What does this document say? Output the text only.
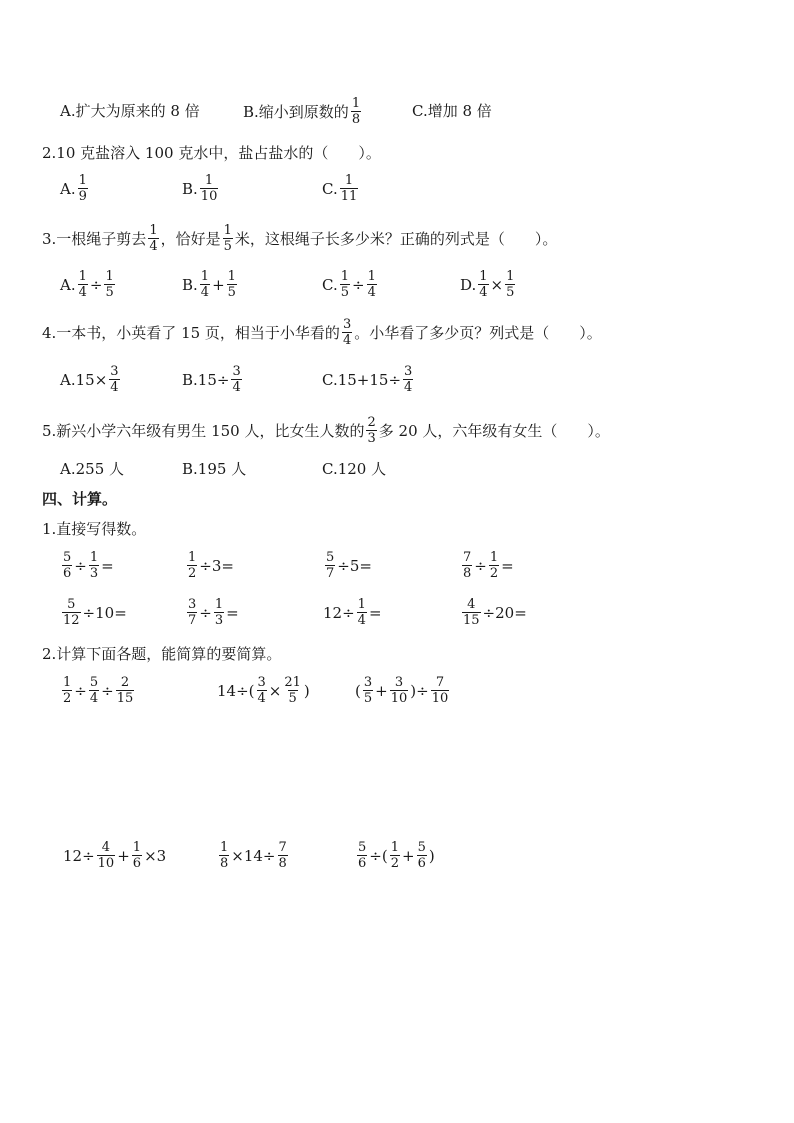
A. 扩大为原来的 8 倍	B. 缩小到原数的 $\frac{1}{8}$	C. 增加 8 倍
2.10 克盐溶入 100 克水中，盐占盐水的（ ）。
A. $\frac{1}{9}$	B. $\frac{1}{10}$	C. $\frac{1}{11}$
3.一根绳子剪去 $\frac{1}{4}$ ，恰好是 $\frac{1}{5}$ 米，这根绳子长多少米？正确的列式是（ ）。
A. $\frac{1}{4} \div \frac{1}{5}$	B. $\frac{1}{4} + \frac{1}{5}$	C. $\frac{1}{5} \div \frac{1}{4}$	D. $\frac{1}{4} \times \frac{1}{5}$
4.一本书，小英看了 15 页，相当于小华看的 $\frac{3}{4}$ 。小华看了多少页？列式是（ ）。
A. $15\times \frac{3}{4}$	B. $15\div \frac{3}{4}$	C. $15+15\div \frac{3}{4}$
5.新兴小学六年级有男生 150 人，比女生人数的 $\frac{2}{3}$ 多 20 人，六年级有女生（ ）。
A. 255 人	B. 195 人	C. 120 人
四、计算。
1.直接写得数。
$\frac{5}{6} \div \frac{1}{3}$ =	$\frac{1}{2} \div 3=$	$\frac{5}{7} \div 5=$	$\frac{7}{8} \div \frac{1}{2}$ =
$\frac{5}{12} \div 10=$	$\frac{3}{7} \div \frac{1}{3}$ =	$12\div \frac{1}{4}$ =	$\frac{4}{15} \div 20=$
2.计算下面各题，能简算的要简算。
$\frac{1}{2} \div \frac{5}{4} \div \frac{2}{15}$	$14\div( \frac{3}{4} \times \frac{21}{5}$ )	( $\frac{3}{5} + \frac{3}{10}$ )÷ $\frac{7}{10}$
$12\div \frac{4}{10} + \frac{1}{6} \times 3$	$\frac{1}{8} \times 14\div \frac{7}{8}$	$\frac{5}{6}$ ÷( $\frac{1}{2} + \frac{5}{6}$ )
